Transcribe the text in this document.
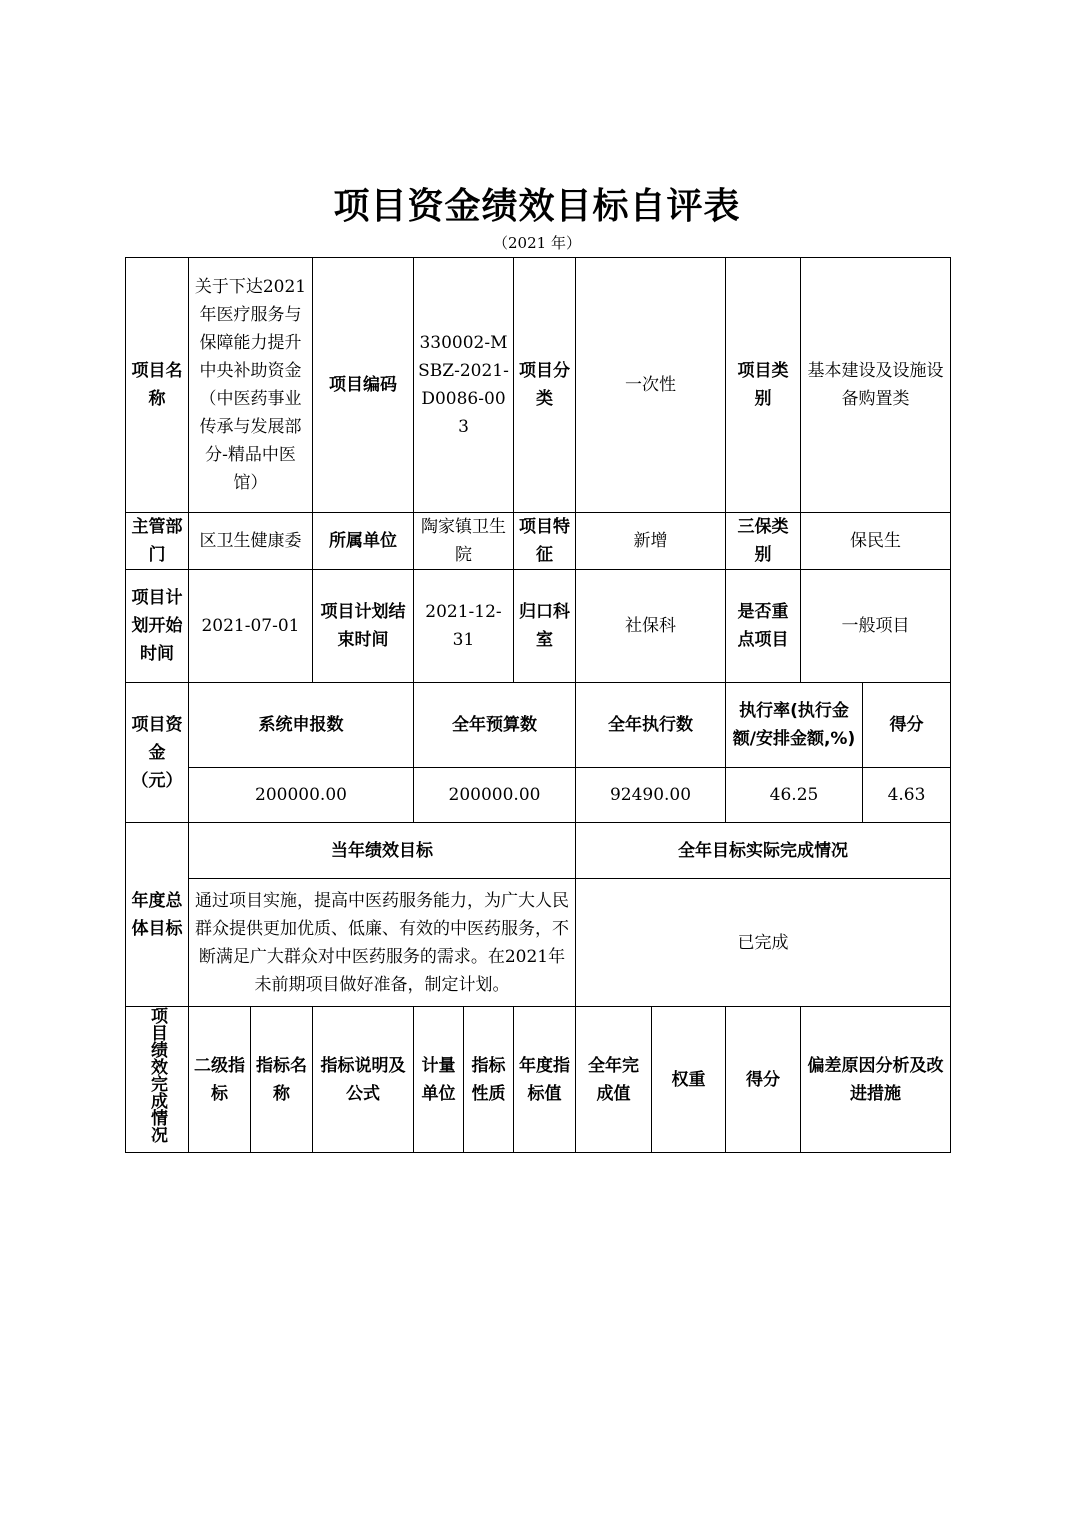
项目资金绩效目标自评表
（2021 年）
项目名称	关于下达2021年医疗服务与保障能力提升中央补助资金（中医药事业传承与发展部分-精品中医馆）		项目编码	330002-MSBZ-2021-D0086-003		项目分类	一次性		项目类别	基本建设及设施设备购置类	
主管部门	区卫生健康委		所属单位	陶家镇卫生院		项目特征	新增		三保类别	保民生	
项目计划开始时间	2021-07-01		项目计划结束时间	2021-12-31		归口科室	社保科		是否重点项目	一般项目	
项目资金（元）	系统申报数			全年预算数			全年执行数		执行率(执行金额/安排金额,%)		得分
	200000.00			200000.00			92490.00		46.25		4.63
年度总体目标	当年绩效目标						全年目标实际完成情况				
	通过项目实施，提高中医药服务能力，为广大人民群众提供更加优质、低廉、有效的中医药服务，不断满足广大群众对中医药服务的需求。在2021年未前期项目做好准备，制定计划。						已完成				
项目绩效完成情况	二级指标	指标名称	指标说明及公式	计量单位	指标性质	年度指标值	全年完成值	权重	得分	偏差原因分析及改进措施	
